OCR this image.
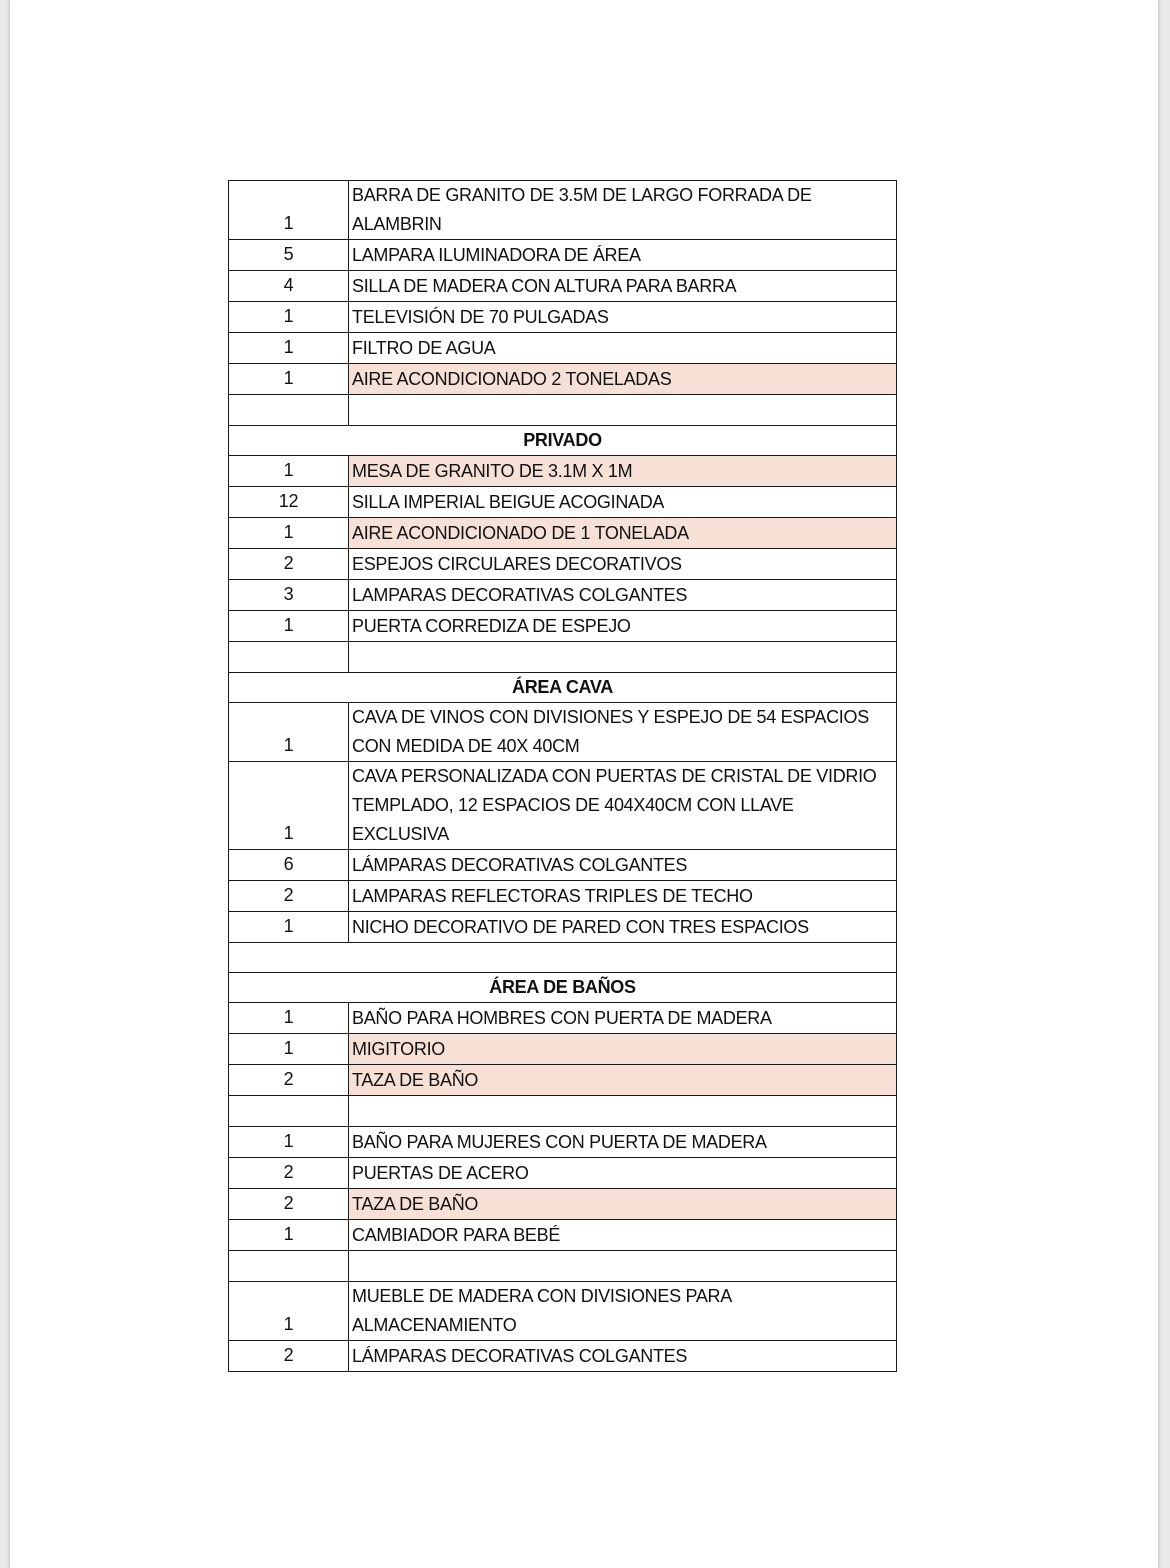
1	BARRA DE GRANITO DE 3.5M DE LARGO FORRADA DE ALAMBRIN
5	LAMPARA ILUMINADORA DE ÁREA
4	SILLA DE MADERA CON ALTURA PARA BARRA
1	TELEVISIÓN DE 70 PULGADAS
1	FILTRO DE AGUA
1	AIRE ACONDICIONADO 2 TONELADAS

PRIVADO	
1	MESA DE GRANITO DE 3.1M X 1M
12	SILLA IMPERIAL BEIGUE ACOGINADA
1	AIRE ACONDICIONADO DE 1 TONELADA
2	ESPEJOS CIRCULARES DECORATIVOS
3	LAMPARAS DECORATIVAS COLGANTES
1	PUERTA CORREDIZA DE ESPEJO

ÁREA CAVA	
1	CAVA DE VINOS CON DIVISIONES Y ESPEJO DE 54 ESPACIOS CON MEDIDA DE 40X 40CM
1	CAVA PERSONALIZADA CON PUERTAS DE CRISTAL DE VIDRIO TEMPLADO, 12 ESPACIOS DE 404X40CM CON LLAVE EXCLUSIVA
6	LÁMPARAS DECORATIVAS COLGANTES
2	LAMPARAS REFLECTORAS TRIPLES DE TECHO
1	NICHO DECORATIVO DE PARED CON TRES ESPACIOS

ÁREA DE BAÑOS	
1	BAÑO PARA HOMBRES CON PUERTA DE MADERA
1	MIGITORIO
2	TAZA DE BAÑO

1	BAÑO PARA MUJERES CON PUERTA DE MADERA
2	PUERTAS DE ACERO
2	TAZA DE BAÑO
1	CAMBIADOR PARA BEBÉ

1	MUEBLE DE MADERA CON DIVISIONES PARA ALMACENAMIENTO
2	LÁMPARAS DECORATIVAS COLGANTES
